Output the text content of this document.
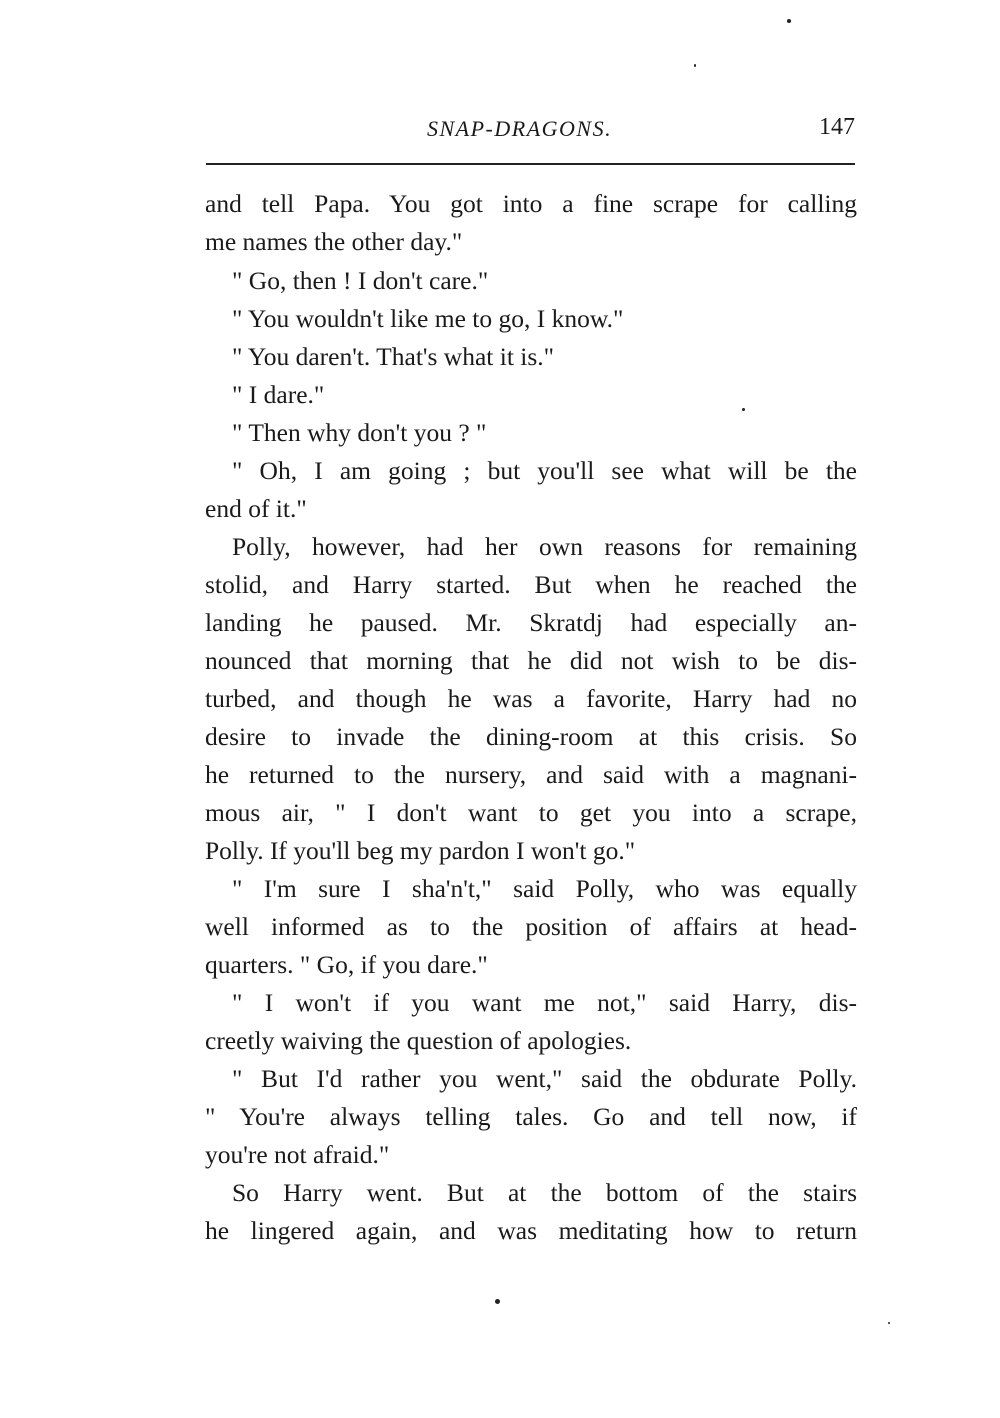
SNAP-DRAGONS.	147
and tell Papa. You got into a fine scrape for calling
me names the other day."
" Go, then ! I don't care."
" You wouldn't like me to go, I know."
" You daren't. That's what it is."
" I dare."
" Then why don't you ? "
" Oh, I am going ; but you'll see what will be the
end of it."
Polly, however, had her own reasons for remaining
stolid, and Harry started. But when he reached the
landing he paused. Mr. Skratdj had especially an-
nounced that morning that he did not wish to be dis-
turbed, and though he was a favorite, Harry had no
desire to invade the dining-room at this crisis. So
he returned to the nursery, and said with a magnani-
mous air, " I don't want to get you into a scrape,
Polly. If you'll beg my pardon I won't go."
" I'm sure I sha'n't," said Polly, who was equally
well informed as to the position of affairs at head-
quarters. " Go, if you dare."
" I won't if you want me not," said Harry, dis-
creetly waiving the question of apologies.
" But I'd rather you went," said the obdurate Polly.
" You're always telling tales. Go and tell now, if
you're not afraid."
So Harry went. But at the bottom of the stairs
he lingered again, and was meditating how to return
